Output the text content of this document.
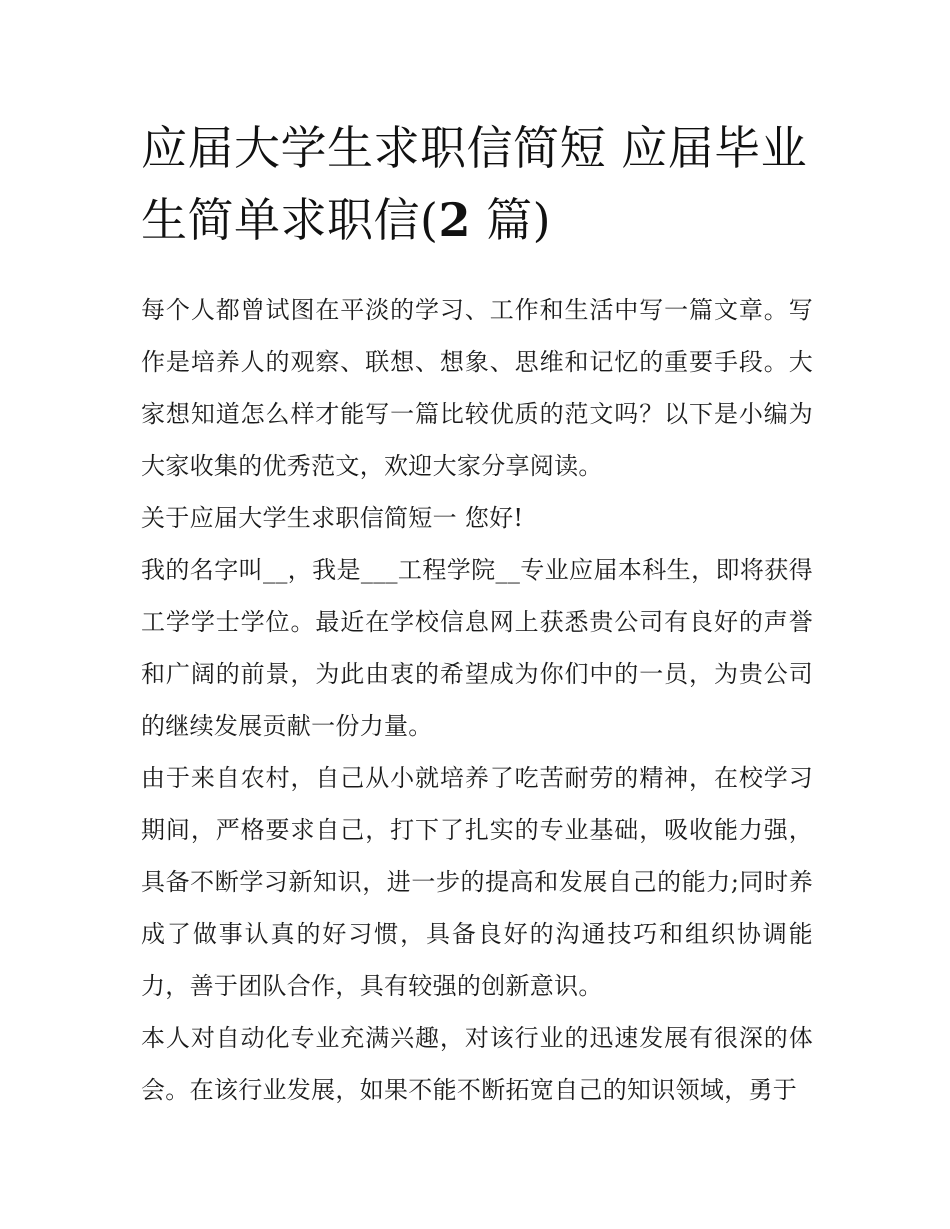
应届大学生求职信简短 应届毕业生简单求职信(2 篇)

每个人都曾试图在平淡的学习、工作和生活中写一篇文章。写作是培养人的观察、联想、想象、思维和记忆的重要手段。大家想知道怎么样才能写一篇比较优质的范文吗？以下是小编为大家收集的优秀范文，欢迎大家分享阅读。

关于应届大学生求职信简短一 您好!

我的名字叫__，我是___工程学院__专业应届本科生，即将获得工学学士学位。最近在学校信息网上获悉贵公司有良好的声誉和广阔的前景，为此由衷的希望成为你们中的一员，为贵公司的继续发展贡献一份力量。

由于来自农村，自己从小就培养了吃苦耐劳的精神，在校学习期间，严格要求自己，打下了扎实的专业基础，吸收能力强，具备不断学习新知识，进一步的提高和发展自己的能力;同时养成了做事认真的好习惯，具备良好的沟通技巧和组织协调能力，善于团队合作，具有较强的创新意识。

本人对自动化专业充满兴趣，对该行业的迅速发展有很深的体会。在该行业发展，如果不能不断拓宽自己的知识领域，勇于
